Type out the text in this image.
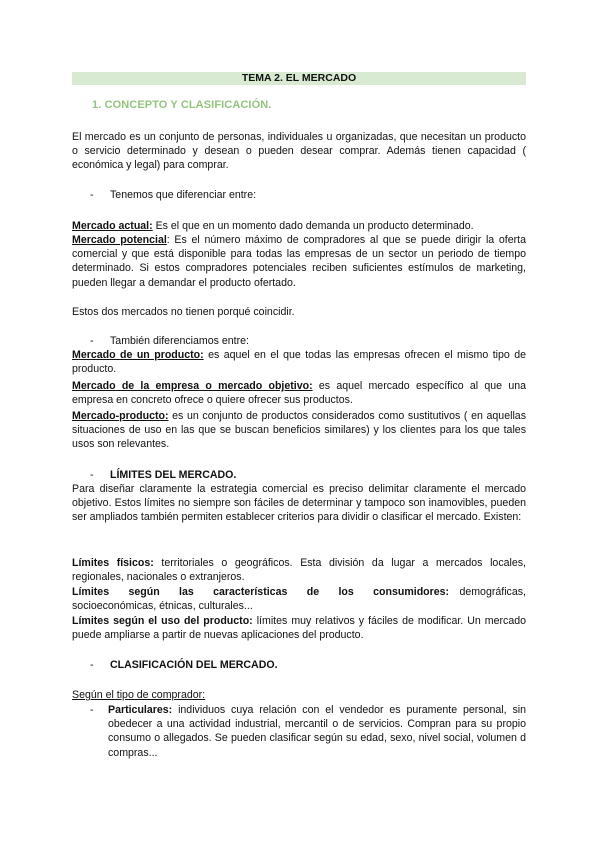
TEMA 2. EL MERCADO
1. CONCEPTO Y CLASIFICACIÓN.
El mercado es un conjunto de personas, individuales u organizadas, que necesitan un producto o servicio determinado y desean o pueden desear comprar. Además tienen capacidad ( económica y legal) para comprar.
- Tenemos que diferenciar entre:
Mercado actual: Es el que en un momento dado demanda un producto determinado.
Mercado potencial: Es el número máximo de compradores al que se puede dirigir la oferta comercial y que está disponible para todas las empresas de un sector un periodo de tiempo determinado. Si estos compradores potenciales reciben suficientes estímulos de marketing, pueden llegar a demandar el producto ofertado.
Estos dos mercados no tienen porqué coincidir.
- También diferenciamos entre:
Mercado de un producto: es aquel en el que todas las empresas ofrecen el mismo tipo de producto.
Mercado de la empresa o mercado objetivo: es aquel mercado específico al que una empresa en concreto ofrece o quiere ofrecer sus productos.
Mercado-producto: es un conjunto de productos considerados como sustitutivos ( en aquellas situaciones de uso en las que se buscan beneficios similares) y los clientes para los que tales usos son relevantes.
- LÍMITES DEL MERCADO.
Para diseñar claramente la estrategia comercial es preciso delimitar claramente el mercado objetivo. Estos límites no siempre son fáciles de determinar y tampoco son inamovibles, pueden ser ampliados también permiten establecer criterios para dividir o clasificar el mercado. Existen:
Límites físicos: territoriales o geográficos. Esta división da lugar a mercados locales, regionales, nacionales o extranjeros.
Límites según las características de los consumidores: demográficas, socioeconómicas, étnicas, culturales...
Límites según el uso del producto: límites muy relativos y fáciles de modificar. Un mercado puede ampliarse a partir de nuevas aplicaciones del producto.
- CLASIFICACIÓN DEL MERCADO.
Según el tipo de comprador:
- Particulares: individuos cuya relación con el vendedor es puramente personal, sin obedecer a una actividad industrial, mercantil o de servicios. Compran para su propio consumo o allegados. Se pueden clasificar según su edad, sexo, nivel social, volumen d compras...
